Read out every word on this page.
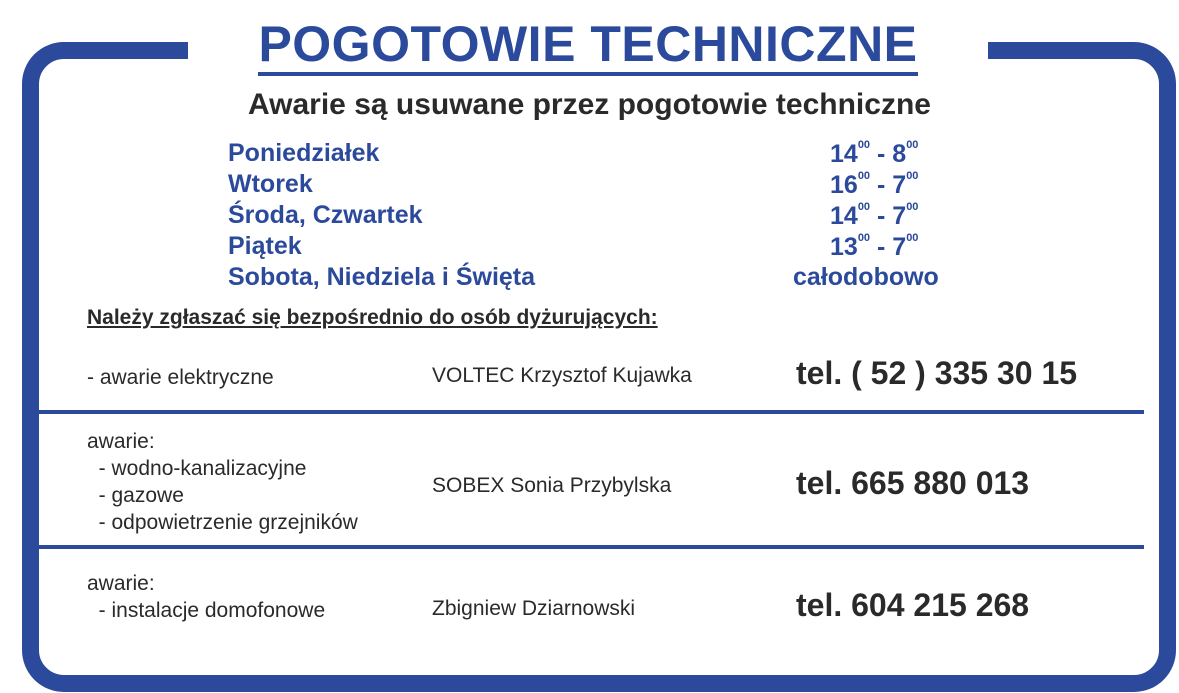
POGOTOWIE TECHNICZNE
Awarie są usuwane przez pogotowie techniczne
Poniedziałek	$14^{00} - 8^{00}$
Wtorek	$16^{00} - 7^{00}$
Środa, Czwartek	$14^{00} - 7^{00}$
Piątek	$13^{00} - 7^{00}$
Sobota, Niedziela i Święta	całodobowo
Należy zgłaszać się bezpośrednio do osób dyżurujących:
- awarie elektryczne	VOLTEC Krzysztof Kujawka	tel. ( 52 ) 335 30 15
awarie:
- wodno-kanalizacyjne
- gazowe
- odpowietrzenie grzejników
SOBEX Sonia Przybylska	tel. 665 880 013
awarie:
- instalacje domofonowe	Zbigniew Dziarnowski	tel. 604 215 268
